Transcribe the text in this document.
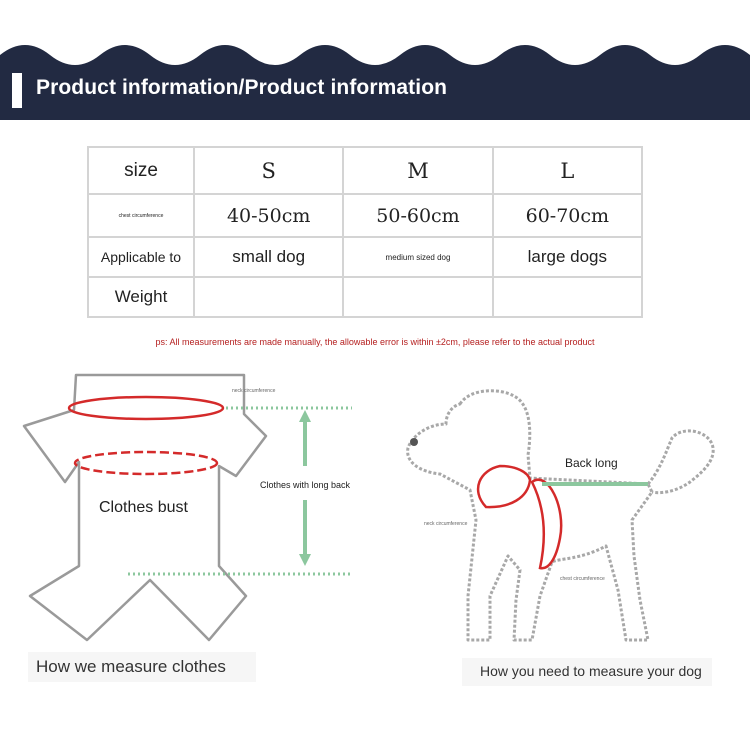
Product information/Product information
size	S	M	L
chest circumference	40-50cm	50-60cm	60-70cm
Applicable to	small dog	medium sized dog	large dogs
Weight			
ps: All measurements are made manually, the allowable error is within ±2cm, please refer to the actual product
neck circumference
Clothes with long back
Clothes bust
How we measure clothes
Back long
neck circumference
chest circumference
How you need to measure your dog
